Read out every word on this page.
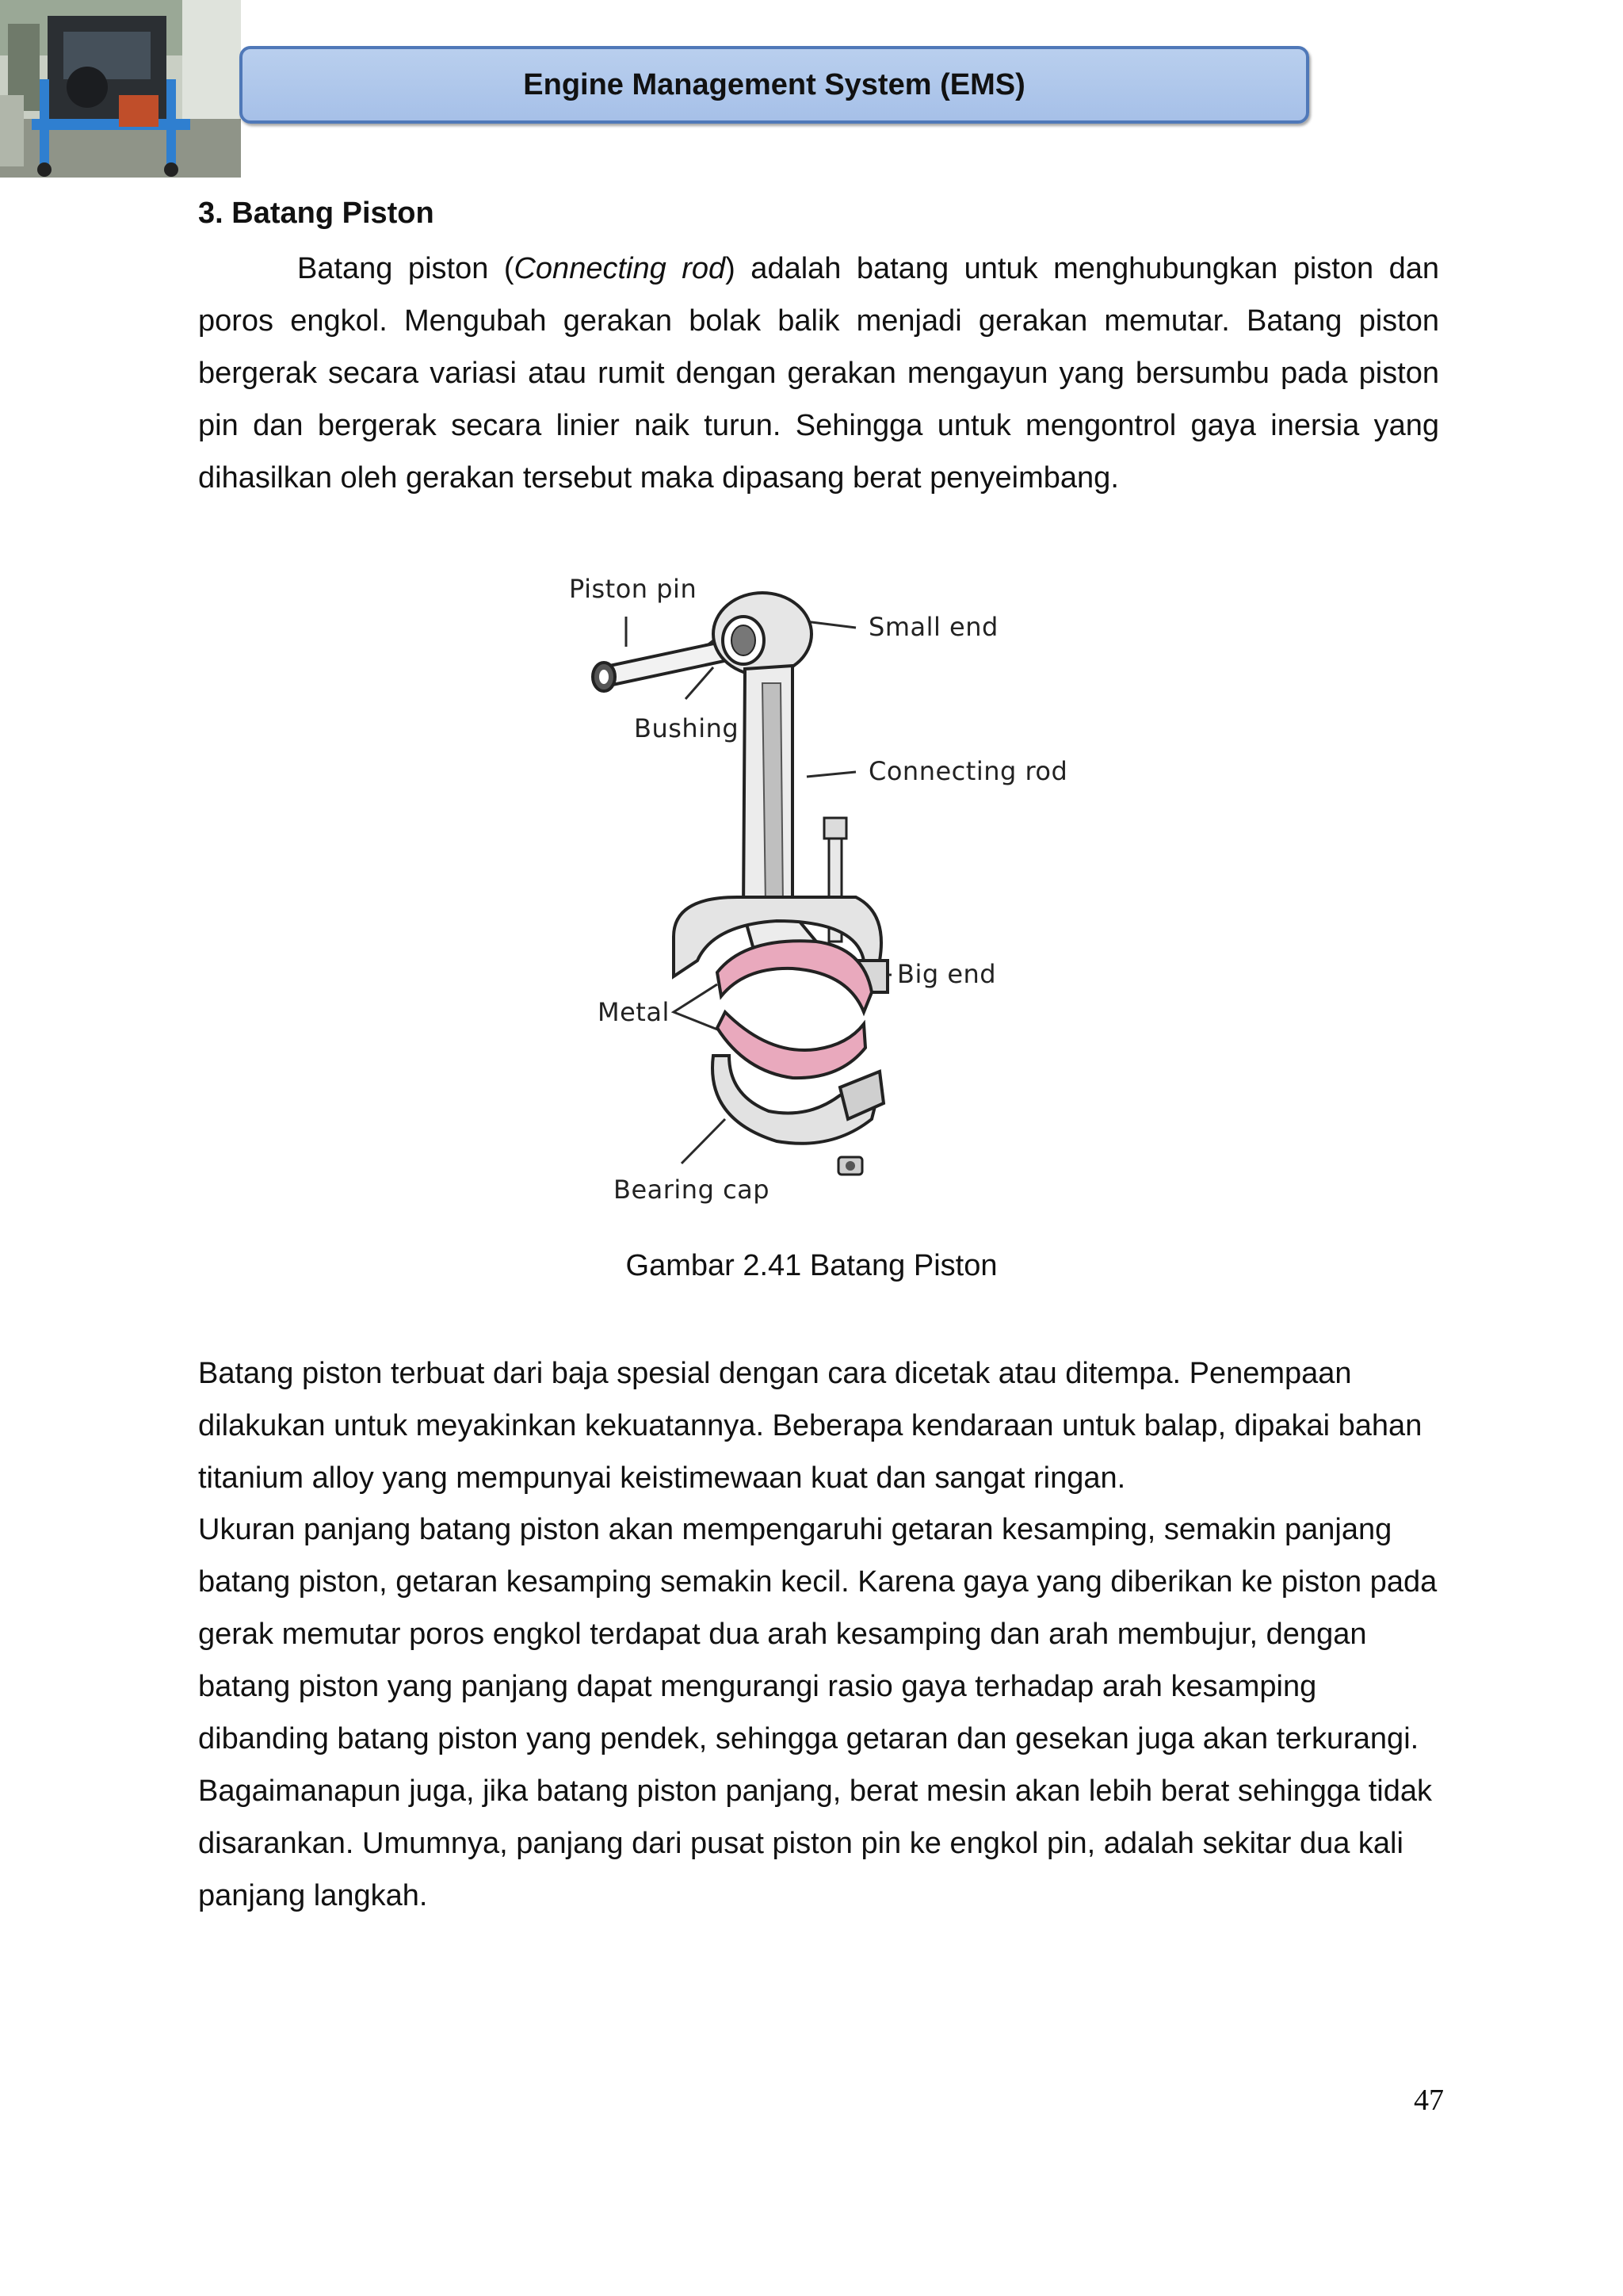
Engine Management System (EMS)
3. Batang Piston

Batang piston (Connecting rod) adalah batang untuk menghubungkan piston dan poros engkol. Mengubah gerakan bolak balik menjadi gerakan memutar. Batang piston bergerak secara variasi atau rumit dengan gerakan mengayun yang bersumbu pada piston pin dan bergerak secara linier naik turun. Sehingga untuk mengontrol gaya inersia yang dihasilkan oleh gerakan tersebut maka dipasang berat penyeimbang.

Piston pin
Small end
Bushing
Connecting rod
Big end
Metal
Bearing cap
Gambar 2.41 Batang Piston

Batang piston terbuat dari baja spesial dengan cara dicetak atau ditempa. Penempaan dilakukan untuk meyakinkan kekuatannya. Beberapa kendaraan untuk balap, dipakai bahan titanium alloy yang mempunyai keistimewaan kuat dan sangat ringan.

Ukuran panjang batang piston akan mempengaruhi getaran kesamping, semakin panjang batang piston, getaran kesamping semakin kecil. Karena gaya yang diberikan ke piston pada gerak memutar poros engkol terdapat dua arah kesamping dan arah membujur, dengan batang piston yang panjang dapat mengurangi rasio gaya terhadap arah kesamping dibanding batang piston yang pendek, sehingga getaran dan gesekan juga akan terkurangi. Bagaimanapun juga, jika batang piston panjang, berat mesin akan lebih berat sehingga tidak disarankan. Umumnya, panjang dari pusat piston pin ke engkol pin, adalah sekitar dua kali panjang langkah.

47
